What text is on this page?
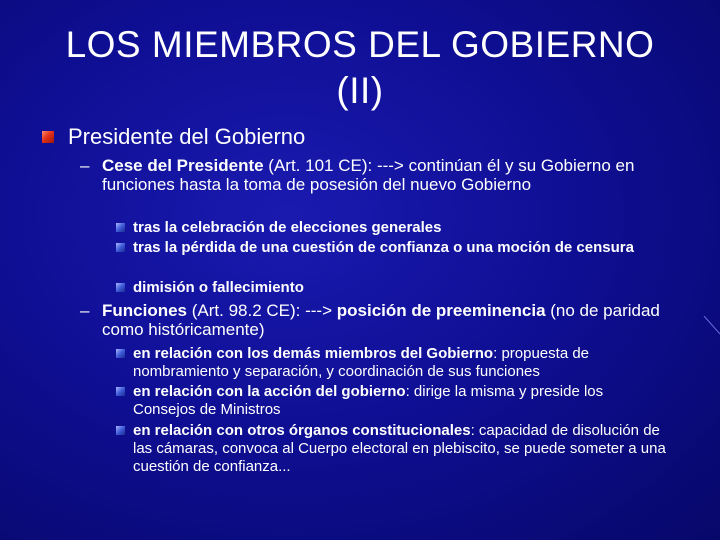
LOS MIEMBROS DEL GOBIERNO
(II)
Presidente del Gobierno
– Cese del Presidente (Art. 101 CE): ---> continúan él y su Gobierno en funciones hasta la toma de posesión del nuevo Gobierno
tras la celebración de elecciones generales
tras la pérdida de una cuestión de confianza o una moción de censura
dimisión o fallecimiento
– Funciones (Art. 98.2 CE): ---> posición de preeminencia (no de paridad como históricamente)
en relación con los demás miembros del Gobierno: propuesta de nombramiento y separación, y coordinación de sus funciones
en relación con la acción del gobierno: dirige la misma y preside los Consejos de Ministros
en relación con otros órganos constitucionales: capacidad de disolución de las cámaras, convoca al Cuerpo electoral en plebiscito, se puede someter a una cuestión de confianza...
